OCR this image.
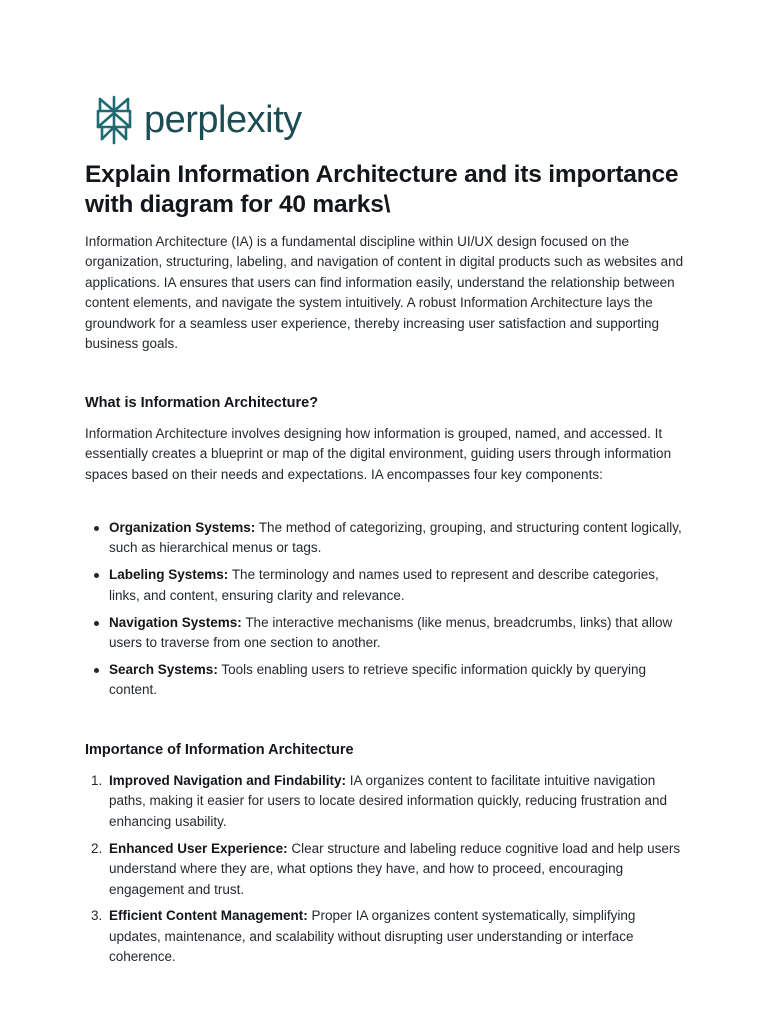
perplexity
Explain Information Architecture and its importance with diagram for 40 marks\

Information Architecture (IA) is a fundamental discipline within UI/UX design focused on the organization, structuring, labeling, and navigation of content in digital products such as websites and applications. IA ensures that users can find information easily, understand the relationship between content elements, and navigate the system intuitively. A robust Information Architecture lays the groundwork for a seamless user experience, thereby increasing user satisfaction and supporting business goals.

What is Information Architecture?

Information Architecture involves designing how information is grouped, named, and accessed. It essentially creates a blueprint or map of the digital environment, guiding users through information spaces based on their needs and expectations. IA encompasses four key components:

Organization Systems: The method of categorizing, grouping, and structuring content logically, such as hierarchical menus or tags.
Labeling Systems: The terminology and names used to represent and describe categories, links, and content, ensuring clarity and relevance.
Navigation Systems: The interactive mechanisms (like menus, breadcrumbs, links) that allow users to traverse from one section to another.
Search Systems: Tools enabling users to retrieve specific information quickly by querying content.
Importance of Information Architecture
1. Improved Navigation and Findability: IA organizes content to facilitate intuitive navigation paths, making it easier for users to locate desired information quickly, reducing frustration and enhancing usability.
2. Enhanced User Experience: Clear structure and labeling reduce cognitive load and help users understand where they are, what options they have, and how to proceed, encouraging engagement and trust.
3. Efficient Content Management: Proper IA organizes content systematically, simplifying updates, maintenance, and scalability without disrupting user understanding or interface coherence.
